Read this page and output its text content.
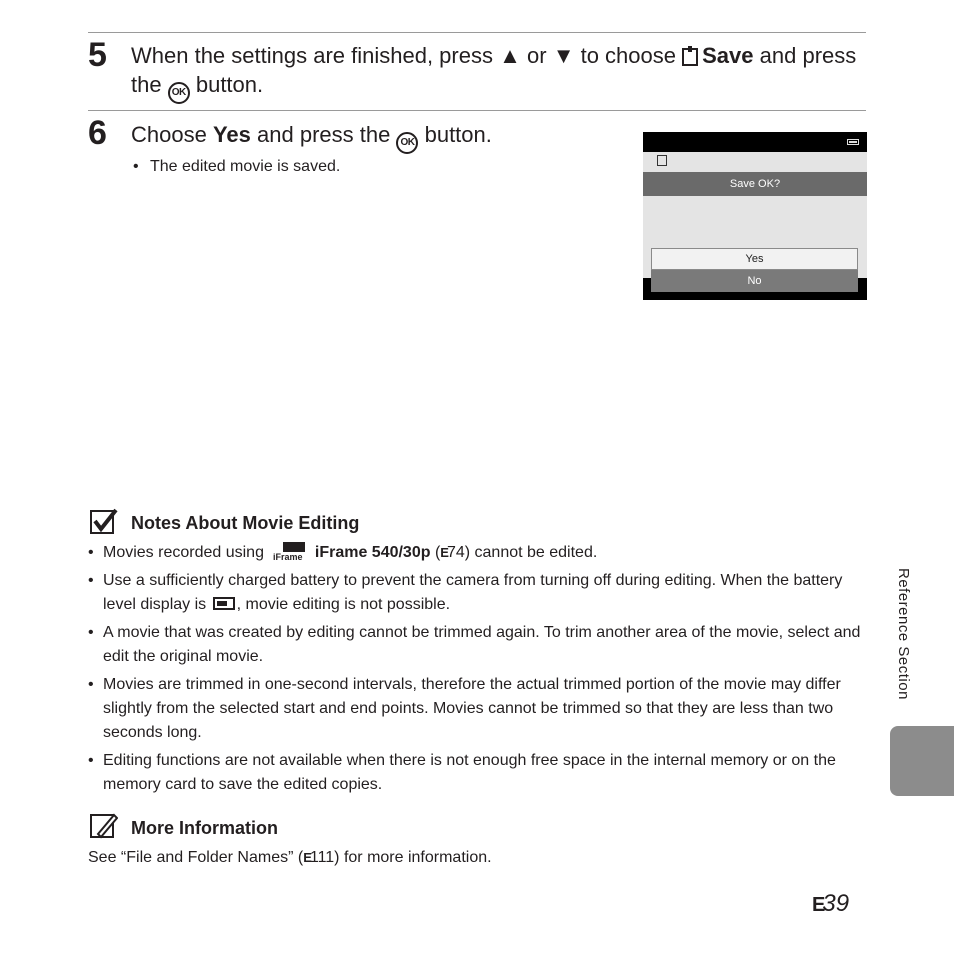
5 When the settings are finished, press ▲ or ▼ to choose Save and press the OK button.
6 Choose Yes and press the OK button.
• The edited movie is saved.
Save OK?
Yes
No
Notes About Movie Editing
• Movies recorded using iFrame iFrame 540/30p (E74) cannot be edited.
• Use a sufficiently charged battery to prevent the camera from turning off during editing. When the battery level display is , movie editing is not possible.
• A movie that was created by editing cannot be trimmed again. To trim another area of the movie, select and edit the original movie.
• Movies are trimmed in one-second intervals, therefore the actual trimmed portion of the movie may differ slightly from the selected start and end points. Movies cannot be trimmed so that they are less than two seconds long.
• Editing functions are not available when there is not enough free space in the internal memory or on the memory card to save the edited copies.
More Information
See “File and Folder Names” (E111) for more information.
Reference Section
E39
